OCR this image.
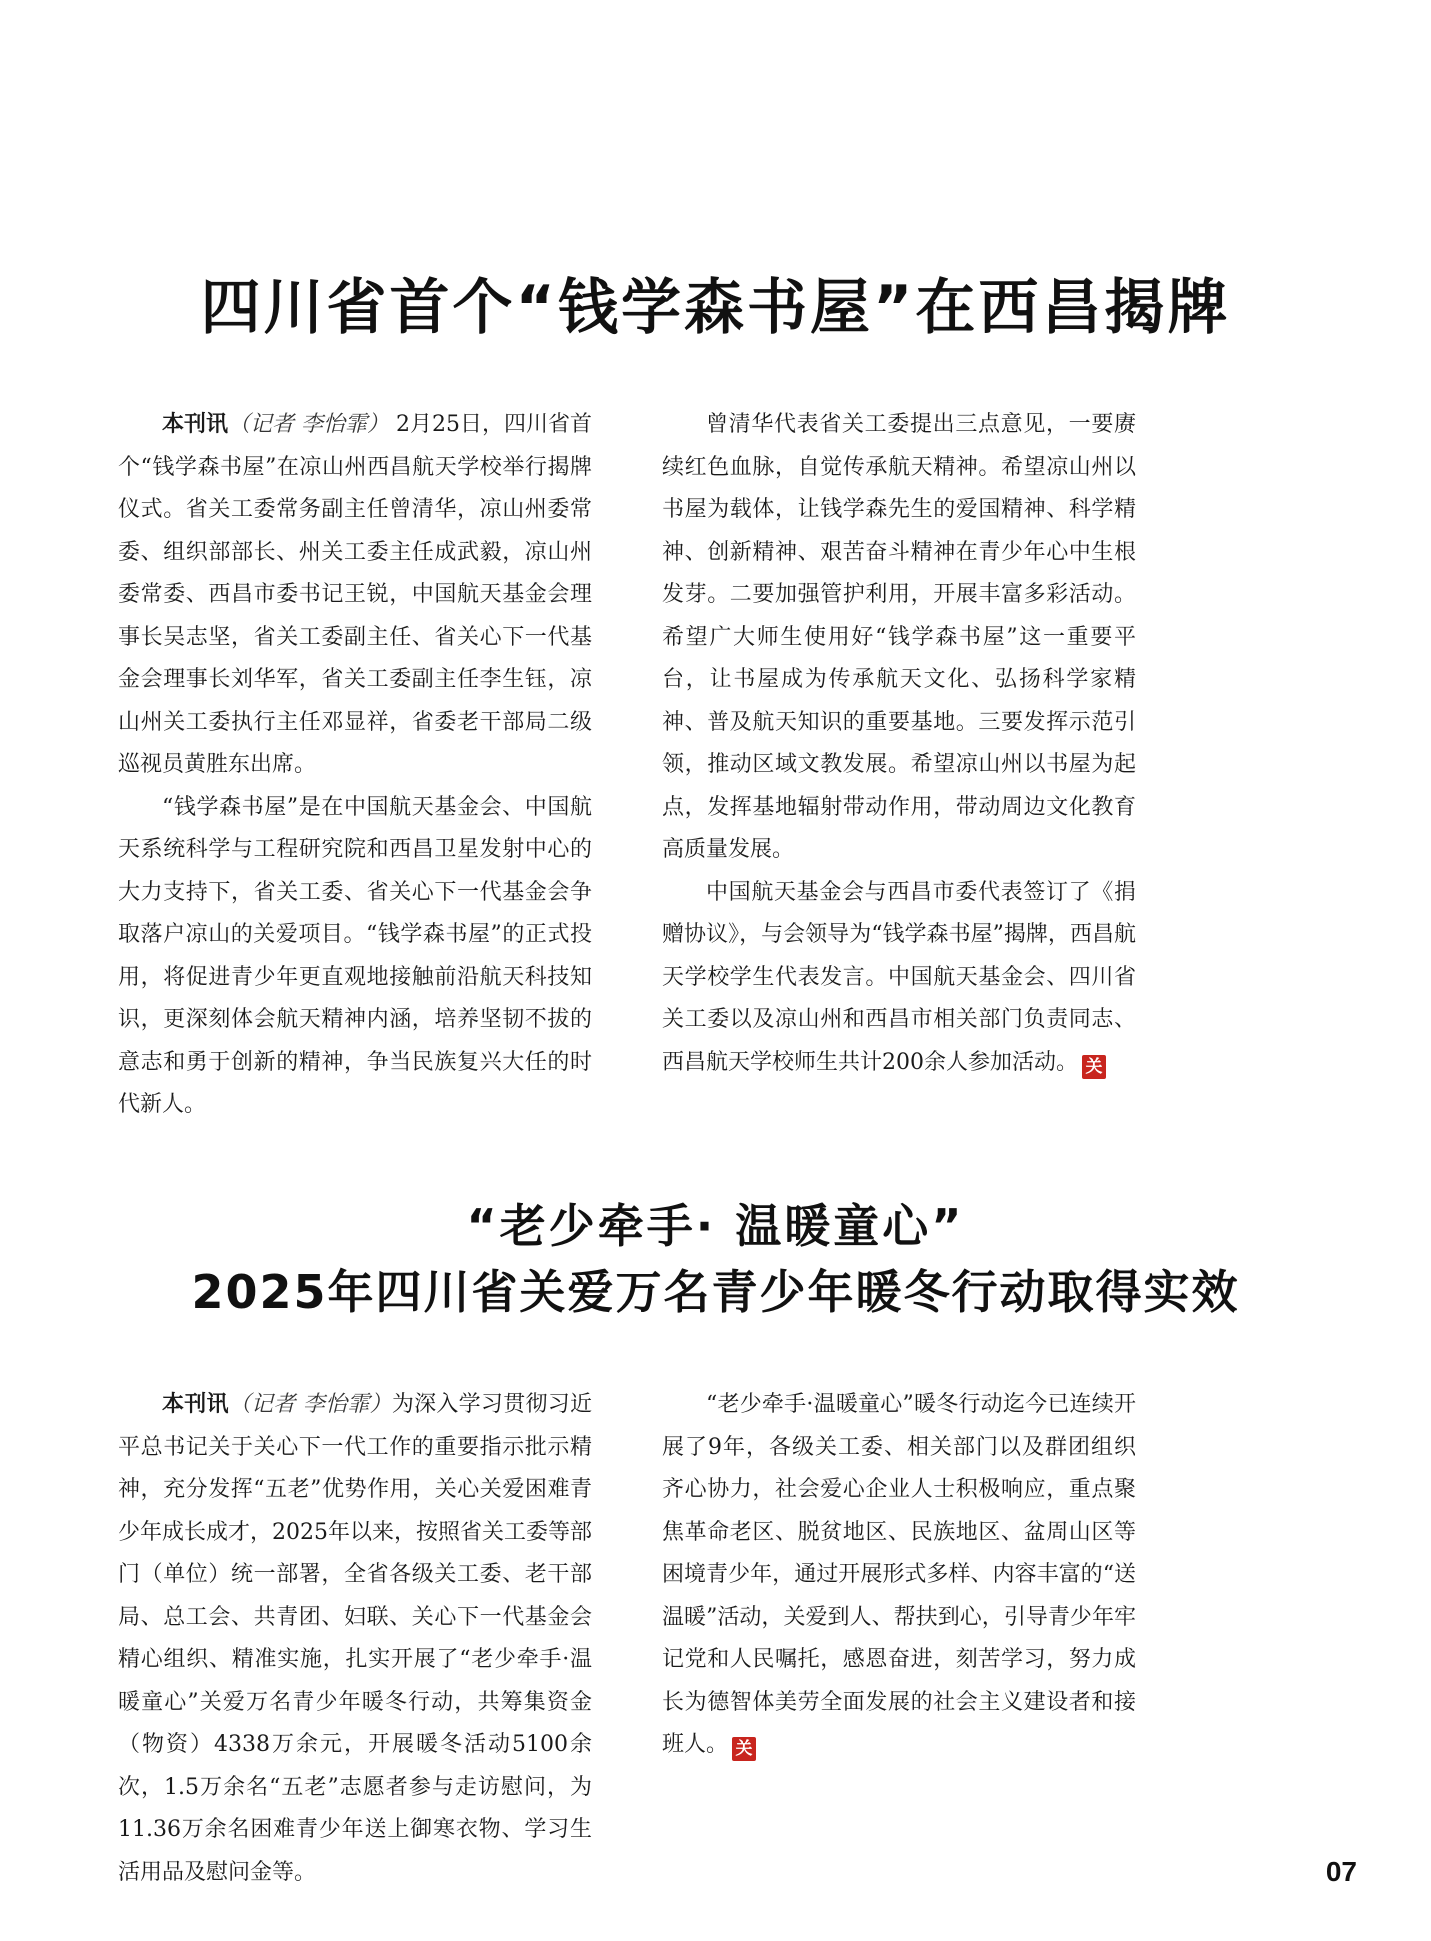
四川省首个“钱学森书屋”在西昌揭牌

本刊讯（记者 李怡霏） 2月25日，四川省首个“钱学森书屋”在凉山州西昌航天学校举行揭牌仪式。省关工委常务副主任曾清华，凉山州委常委、组织部部长、州关工委主任成武毅，凉山州委常委、西昌市委书记王锐，中国航天基金会理事长吴志坚，省关工委副主任、省关心下一代基金会理事长刘华军，省关工委副主任李生钰，凉山州关工委执行主任邓显祥，省委老干部局二级巡视员黄胜东出席。

“钱学森书屋”是在中国航天基金会、中国航天系统科学与工程研究院和西昌卫星发射中心的大力支持下，省关工委、省关心下一代基金会争取落户凉山的关爱项目。“钱学森书屋”的正式投用，将促进青少年更直观地接触前沿航天科技知识，更深刻体会航天精神内涵，培养坚韧不拔的意志和勇于创新的精神，争当民族复兴大任的时代新人。

曾清华代表省关工委提出三点意见，一要赓续红色血脉，自觉传承航天精神。希望凉山州以书屋为载体，让钱学森先生的爱国精神、科学精神、创新精神、艰苦奋斗精神在青少年心中生根发芽。二要加强管护利用，开展丰富多彩活动。希望广大师生使用好“钱学森书屋”这一重要平台，让书屋成为传承航天文化、弘扬科学家精神、普及航天知识的重要基地。三要发挥示范引领，推动区域文教发展。希望凉山州以书屋为起点，发挥基地辐射带动作用，带动周边文化教育高质量发展。

中国航天基金会与西昌市委代表签订了《捐赠协议》，与会领导为“钱学森书屋”揭牌，西昌航天学校学生代表发言。中国航天基金会、四川省关工委以及凉山州和西昌市相关部门负责同志、西昌航天学校师生共计200余人参加活动。 关

“老少牵手· 温暖童心”
2025年四川省关爱万名青少年暖冬行动取得实效

本刊讯（记者 李怡霏）为深入学习贯彻习近平总书记关于关心下一代工作的重要指示批示精神，充分发挥“五老”优势作用，关心关爱困难青少年成长成才，2025年以来，按照省关工委等部门（单位）统一部署，全省各级关工委、老干部局、总工会、共青团、妇联、关心下一代基金会精心组织、精准实施，扎实开展了“老少牵手·温暖童心”关爱万名青少年暖冬行动，共筹集资金（物资）4338万余元，开展暖冬活动5100余次，1.5万余名“五老”志愿者参与走访慰问，为11.36万余名困难青少年送上御寒衣物、学习生活用品及慰问金等。

“老少牵手·温暖童心”暖冬行动迄今已连续开展了9年，各级关工委、相关部门以及群团组织齐心协力，社会爱心企业人士积极响应，重点聚焦革命老区、脱贫地区、民族地区、盆周山区等困境青少年，通过开展形式多样、内容丰富的“送温暖”活动，关爱到人、帮扶到心，引导青少年牢记党和人民嘱托，感恩奋进，刻苦学习，努力成长为德智体美劳全面发展的社会主义建设者和接班人。 关

07
